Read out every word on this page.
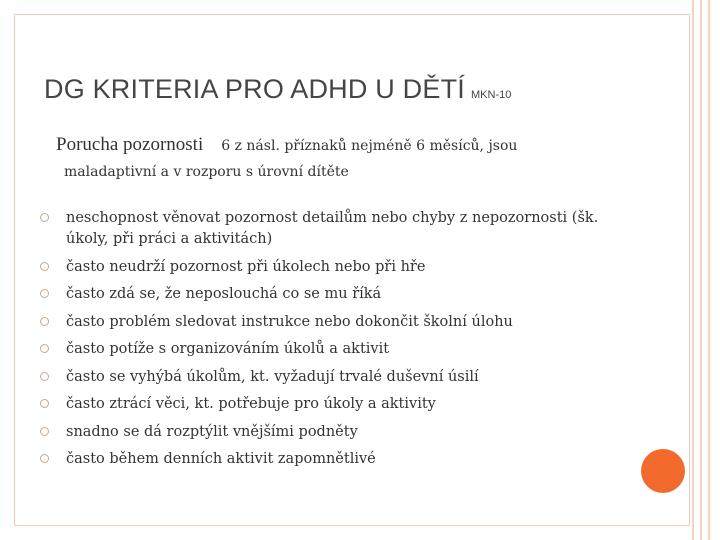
DG KRITERIA PRO ADHD U DĚTÍ MKN-10
Porucha pozornosti 6 z násl. příznaků nejméně 6 měsíců, jsou
maladaptivní a v rozporu s úrovní dítěte
neschopnost věnovat pozornost detailům nebo chyby z nepozornosti (šk. úkoly, při práci a aktivitách)
často neudrží pozornost při úkolech nebo při hře
často zdá se, že neposlouchá co se mu říká
často problém sledovat instrukce nebo dokončit školní úlohu
často potíže s organizováním úkolů a aktivit
často se vyhýbá úkolům, kt. vyžadují trvalé duševní úsilí
často ztrácí věci, kt. potřebuje pro úkoly a aktivity
snadno se dá rozptýlit vnějšími podněty
často během denních aktivit zapomnětlivé
